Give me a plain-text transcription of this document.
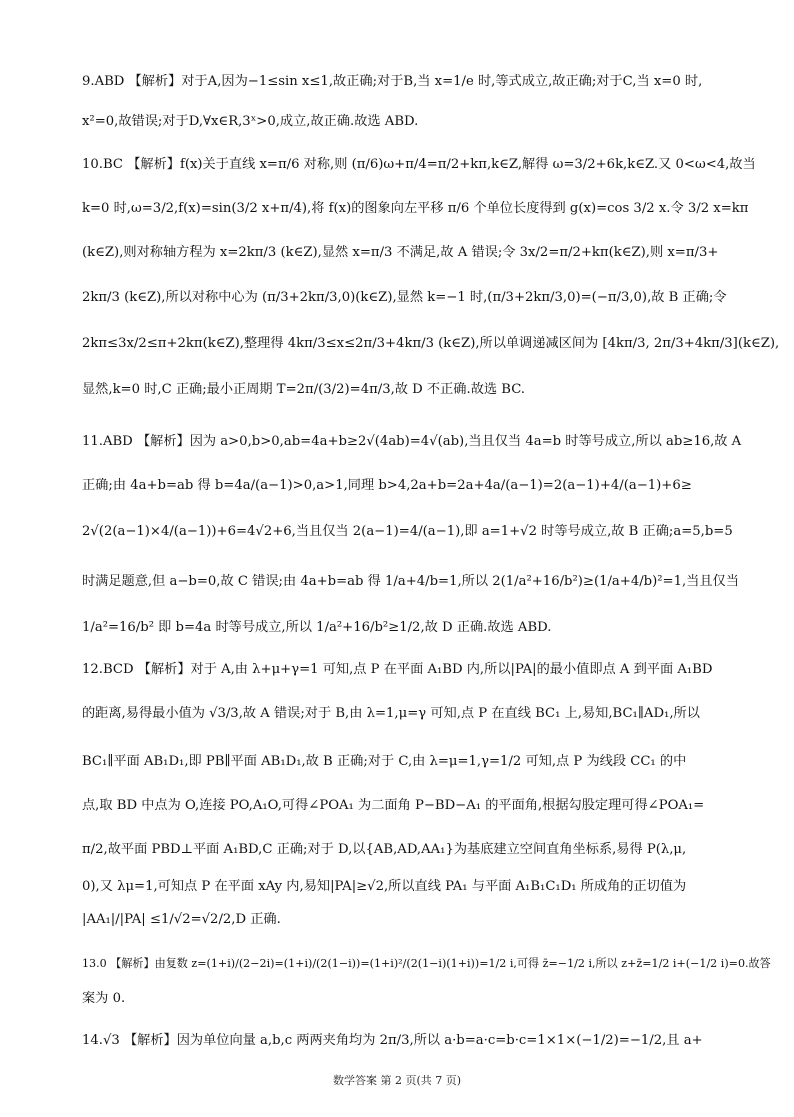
9.ABD 【解析】对于A,因为−1≤sin x≤1,故正确;对于B,当 x=1/e 时,等式成立,故正确;对于C,当 x=0 时,
x²=0,故错误;对于D,∀x∈R,3ˣ>0,成立,故正确.故选 ABD.
10.BC 【解析】f(x)关于直线 x=π/6 对称,则 (π/6)ω+π/4=π/2+kπ,k∈Z,解得 ω=3/2+6k,k∈Z.又 0<ω<4,故当
k=0 时,ω=3/2,f(x)=sin(3/2 x+π/4),将 f(x)的图象向左平移 π/6 个单位长度得到 g(x)=cos 3/2 x.令 3/2 x=kπ
(k∈Z),则对称轴方程为 x=2kπ/3 (k∈Z),显然 x=π/3 不满足,故 A 错误;令 3x/2=π/2+kπ(k∈Z),则 x=π/3+
2kπ/3 (k∈Z),所以对称中心为 (π/3+2kπ/3,0)(k∈Z),显然 k=−1 时,(π/3+2kπ/3,0)=(−π/3,0),故 B 正确;令
2kπ≤3x/2≤π+2kπ(k∈Z),整理得 4kπ/3≤x≤2π/3+4kπ/3 (k∈Z),所以单调递减区间为 [4kπ/3, 2π/3+4kπ/3](k∈Z),
显然,k=0 时,C 正确;最小正周期 T=2π/(3/2)=4π/3,故 D 不正确.故选 BC.
11.ABD 【解析】因为 a>0,b>0,ab=4a+b≥2√(4ab)=4√(ab),当且仅当 4a=b 时等号成立,所以 ab≥16,故 A
正确;由 4a+b=ab 得 b=4a/(a−1)>0,a>1,同理 b>4,2a+b=2a+4a/(a−1)=2(a−1)+4/(a−1)+6≥
2√(2(a−1)×4/(a−1))+6=4√2+6,当且仅当 2(a−1)=4/(a−1),即 a=1+√2 时等号成立,故 B 正确;a=5,b=5
时满足题意,但 a−b=0,故 C 错误;由 4a+b=ab 得 1/a+4/b=1,所以 2(1/a²+16/b²)≥(1/a+4/b)²=1,当且仅当
1/a²=16/b² 即 b=4a 时等号成立,所以 1/a²+16/b²≥1/2,故 D 正确.故选 ABD.
12.BCD 【解析】对于 A,由 λ+μ+γ=1 可知,点 P 在平面 A₁BD 内,所以|PA|的最小值即点 A 到平面 A₁BD
的距离,易得最小值为 √3/3,故 A 错误;对于 B,由 λ=1,μ=γ 可知,点 P 在直线 BC₁ 上,易知,BC₁∥AD₁,所以
BC₁∥平面 AB₁D₁,即 PB∥平面 AB₁D₁,故 B 正确;对于 C,由 λ=μ=1,γ=1/2 可知,点 P 为线段 CC₁ 的中
点,取 BD 中点为 O,连接 PO,A₁O,可得∠POA₁ 为二面角 P−BD−A₁ 的平面角,根据勾股定理可得∠POA₁=
π/2,故平面 PBD⊥平面 A₁BD,C 正确;对于 D,以{AB,AD,AA₁}为基底建立空间直角坐标系,易得 P(λ,μ,
0),又 λμ=1,可知点 P 在平面 xAy 内,易知|PA|≥√2,所以直线 PA₁ 与平面 A₁B₁C₁D₁ 所成角的正切值为
|AA₁|/|PA| ≤1/√2=√2/2,D 正确.
13.0 【解析】由复数 z=(1+i)/(2−2i)=(1+i)/(2(1−i))=(1+i)²/(2(1−i)(1+i))=1/2 i,可得 z̄=−1/2 i,所以 z+z̄=1/2 i+(−1/2 i)=0.故答
案为 0.
14.√3 【解析】因为单位向量 a,b,c 两两夹角均为 2π/3,所以 a·b=a·c=b·c=1×1×(−1/2)=−1/2,且 a+
数学答案 第 2 页(共 7 页)
